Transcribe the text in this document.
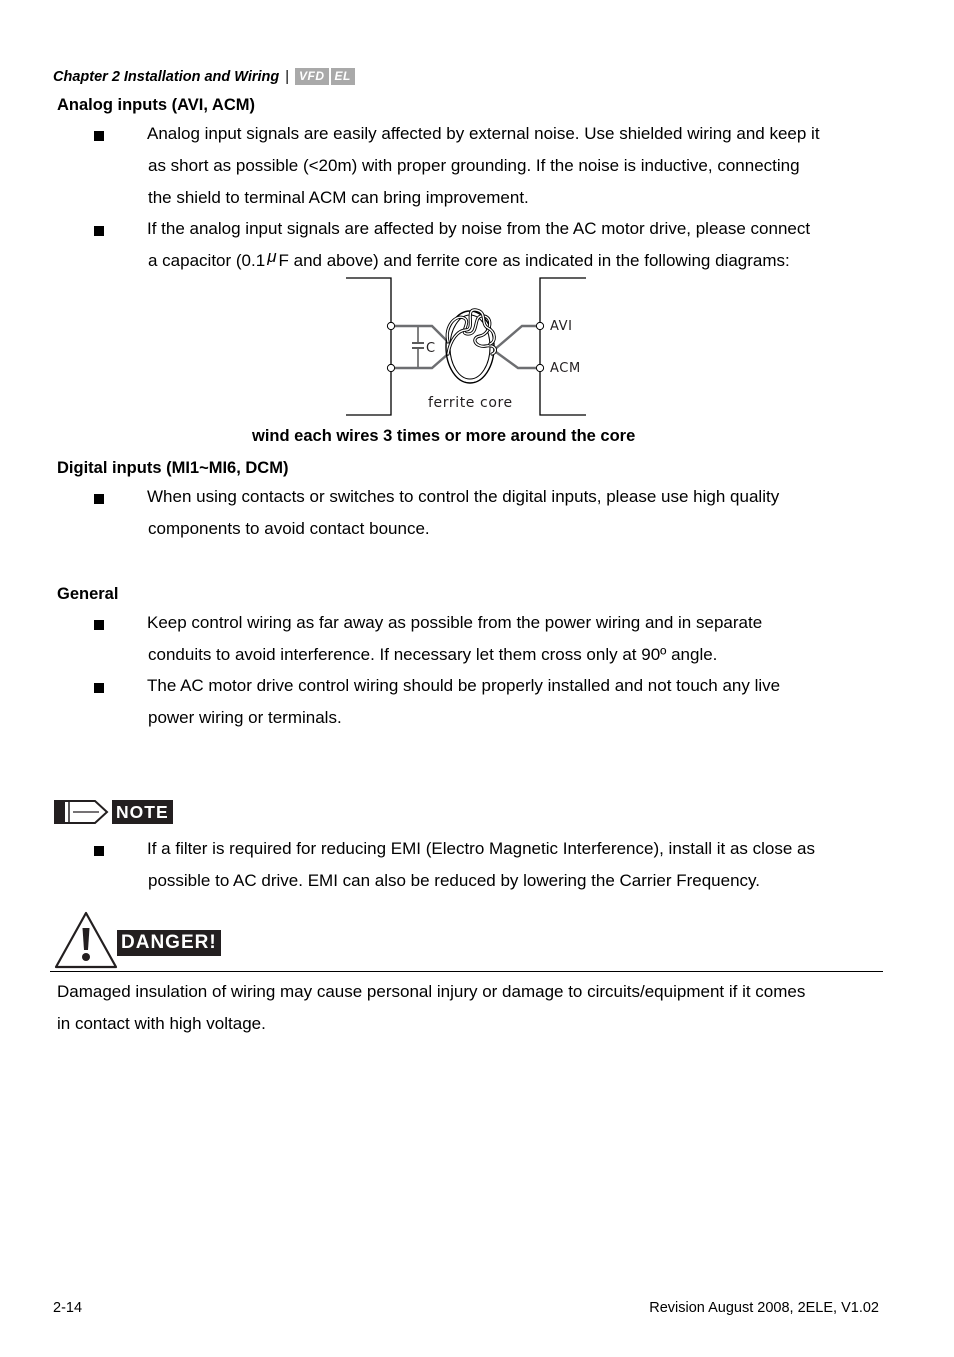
Chapter 2 Installation and Wiring | VFD EL
Analog inputs (AVI, ACM)

Analog input signals are easily affected by external noise. Use shielded wiring and keep it

as short as possible (<20m) with proper grounding. If the noise is inductive, connecting

the shield to terminal ACM can bring improvement.

If the analog input signals are affected by noise from the AC motor drive, please connect

a capacitor (0.1 μ F and above) and ferrite core as indicated in the following diagrams:

C
AVI
ACM
ferrite core
wind each wires 3 times or more around the core
Digital inputs (MI1~MI6, DCM)

When using contacts or switches to control the digital inputs, please use high quality

components to avoid contact bounce.

General

Keep control wiring as far away as possible from the power wiring and in separate

conduits to avoid interference. If necessary let them cross only at 90º angle.

The AC motor drive control wiring should be properly installed and not touch any live

power wiring or terminals.

NOTE

If a filter is required for reducing EMI (Electro Magnetic Interference), install it as close as

possible to AC drive. EMI can also be reduced by lowering the Carrier Frequency.

DANGER!
Damaged insulation of wiring may cause personal injury or damage to circuits/equipment if it comes
in contact with high voltage.
2-14	Revision August 2008, 2ELE, V1.02
